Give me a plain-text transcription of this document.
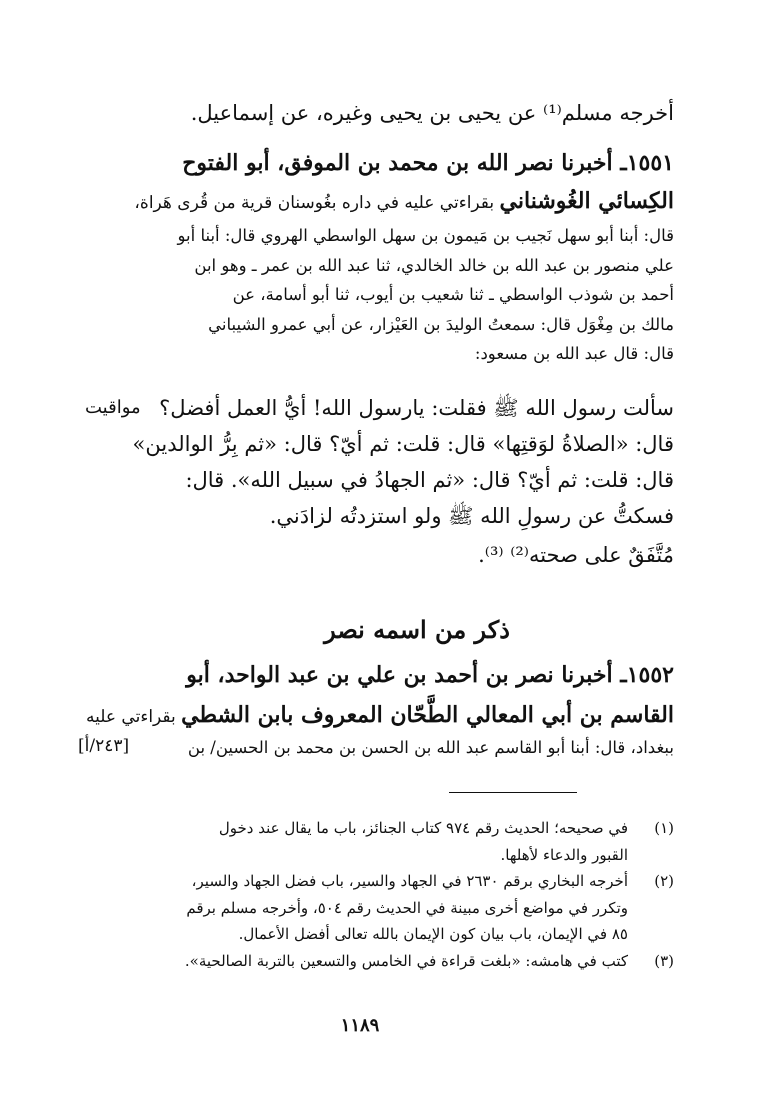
أخرجه مسلم⁽¹⁾ عن يحيى بن يحيى وغيره، عن إسماعيل.
١٥٥١ـ أخبرنا نصر الله بن محمد بن الموفق، أبو الفتوح
الكِسائي الغُوشناني بقراءتي عليه في داره بغُوسنان قرية من قُرى هَراة،
قال: أبنا أبو سهل نَجيب بن مَيمون بن سهل الواسطي الهروي قال: أبنا أبو
علي منصور بن عبد الله بن خالد الخالدي، ثنا عبد الله بن عمر ـ وهو ابن
أحمد بن شوذب الواسطي ـ ثنا شعيب بن أيوب، ثنا أبو أسامة، عن
مالك بن مِغْوَل قال: سمعتُ الوليدَ بن العَيْزار، عن أبي عمرو الشيباني
قال: قال عبد الله بن مسعود:
سألت رسول الله ﷺ فقلت: يارسول الله! أيُّ العمل أفضل؟
قال: «الصلاةُ لوَقتِها» قال: قلت: ثم أيّ؟ قال: «ثم بِرُّ الوالدين»
قال: قلت: ثم أيّ؟ قال: «ثم الجهادُ في سبيل الله». قال:
فسكتُّ عن رسولِ الله ﷺ ولو استزدتُه لزادَني.
مُتَّفَقٌ على صحته⁽²⁾ ⁽³⁾.
مواقيت
ذكر من اسمه نصر
١٥٥٢ـ أخبرنا نصر بن أحمد بن علي بن عبد الواحد، أبو
القاسم بن أبي المعالي الطَّحّان المعروف بابن الشطي بقراءتي عليه
ببغداد، قال: أبنا أبو القاسم عبد الله بن الحسن بن محمد بن الحسين/ بن
[٢٤٣/أ]
(١)
في صحيحه؛ الحديث رقم ٩٧٤ كتاب الجنائز، باب ما يقال عند دخول
القبور والدعاء لأهلها.
(٢)
أخرجه البخاري برقم ٢٦٣٠ في الجهاد والسير، باب فضل الجهاد والسير،
وتكرر في مواضع أخرى مبينة في الحديث رقم ٥٠٤، وأخرجه مسلم برقم
٨٥ في الإيمان، باب بيان كون الإيمان بالله تعالى أفضل الأعمال.
(٣)
كتب في هامشه: «بلغت قراءة في الخامس والتسعين بالتربة الصالحية».
١١٨٩
